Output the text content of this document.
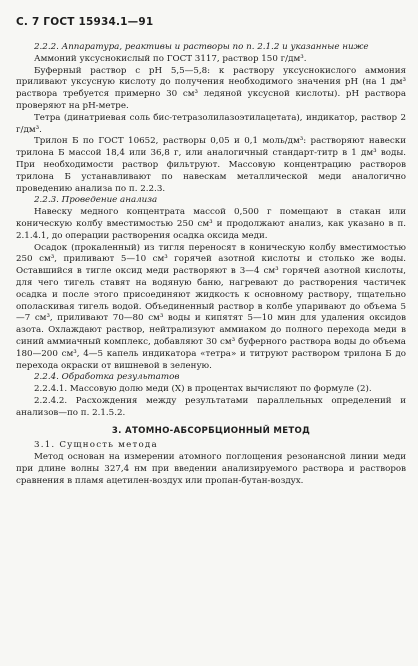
С. 7 ГОСТ 15934.1—91

2.2.2. Аппаратура, реактивы и растворы по п. 2.1.2 и указанные ниже

Аммоний уксуснокислый по ГОСТ 3117, раствор 150 г/дм³.

Буферный раствор с рН 5,5—5,8: к раствору уксуснокислого аммония приливают уксусную кислоту до получения необходимого значения рН (на 1 дм³ раствора требуется примерно 30 см³ ледяной уксусной кислоты). рН раствора проверяют на рН-метре.

Тетра (динатриевая соль бис-тетразолилазоэтилацетата), индикатор, раствор 2 г/дм³.

Трилон Б по ГОСТ 10652, растворы 0,05 и 0,1 моль/дм³: растворяют навески трилона Б массой 18,4 или 36,8 г, или аналогичный стандарт-титр в 1 дм³ воды. При необходимости раствор фильтруют. Массовую концентрацию растворов трилона Б устанавливают по навескам металлической меди аналогично проведению анализа по п. 2.2.3.

2.2.3. Проведение анализа

Навеску медного концентрата массой 0,500 г помещают в стакан или коническую колбу вместимостью 250 см³ и продолжают анализ, как указано в п. 2.1.4.1, до операции растворения осадка оксида меди.

Осадок (прокаленный) из тигля переносят в коническую колбу вместимостью 250 см³, приливают 5—10 см³ горячей азотной кислоты и столько же воды. Оставшийся в тигле оксид меди растворяют в 3—4 см³ горячей азотной кислоты, для чего тигель ставят на водяную баню, нагревают до растворения частичек осадка и после этого присоединяют жидкость к основному раствору, тщательно ополаскивая тигель водой. Объединенный раствор в колбе упаривают до объема 5—7 см³, приливают 70—80 см³ воды и кипятят 5—10 мин для удаления оксидов азота. Охлаждают раствор, нейтрализуют аммиаком до полного перехода меди в синий аммиачный комплекс, добавляют 30 см³ буферного раствора воды до объема 180—200 см³, 4—5 капель индикатора «тетра» и титруют раствором трилона Б до перехода окраски от вишневой в зеленую.

2.2.4. Обработка результатов

2.2.4.1. Массовую долю меди (X) в процентах вычисляют по формуле (2).

2.2.4.2. Расхождения между результатами параллельных определений и анализов—по п. 2.1.5.2.

3. АТОМНО-АБСОРБЦИОННЫЙ МЕТОД

3.1. Сущность метода

Метод основан на измерении атомного поглощения резонансной линии меди при длине волны 327,4 нм при введении анализируемого раствора и растворов сравнения в пламя ацетилен-воздух или пропан-бутан-воздух.
